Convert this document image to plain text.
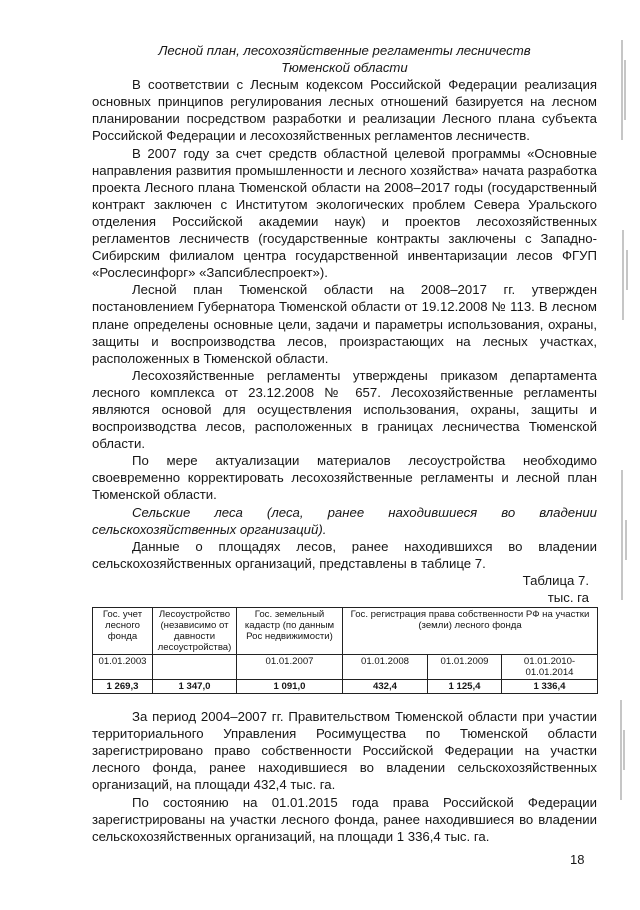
Лесной план, лесохозяйственные регламенты лесничеств

Тюменской области

В соответствии с Лесным кодексом Российской Федерации реализация основных принципов регулирования лесных отношений базируется на лесном планировании посредством разработки и реализации Лесного плана субъекта Российской Федерации и лесохозяйственных регламентов лесничеств.

В 2007 году за счет средств областной целевой программы «Основные направления развития промышленности и лесного хозяйства» начата разработка проекта Лесного плана Тюменской области на 2008–2017 годы (государственный контракт заключен с Институтом экологических проблем Севера Уральского отделения Российской академии наук) и проектов лесохозяйственных регламентов лесничеств (государственные контракты заключены с Западно-Сибирским филиалом центра государственной инвентаризации лесов ФГУП «Рослесинфорг» «Запсиблеспроект»).

Лесной план Тюменской области на 2008–2017 гг. утвержден постановлением Губернатора Тюменской области от 19.12.2008 № 113. В лесном плане определены основные цели, задачи и параметры использования, охраны, защиты и воспроизводства лесов, произрастающих на лесных участках, расположенных в Тюменской области.

Лесохозяйственные регламенты утверждены приказом департамента лесного комплекса от 23.12.2008 № 657. Лесохозяйственные регламенты являются основой для осуществления использования, охраны, защиты и воспроизводства лесов, расположенных в границах лесничества Тюменской области.

По мере актуализации материалов лесоустройства необходимо своевременно корректировать лесохозяйственные регламенты и лесной план Тюменской области.

Сельские леса (леса, ранее находившиеся во владении сельскохозяйственных организаций).

Данные о площадях лесов, ранее находившихся во владении сельскохозяйственных организаций, представлены в таблице 7.

Таблица 7.

тыс. га

Гос. учет лесного фонда	Лесоустройство (независимо от давности лесоустройства)	Гос. земельный кадастр (по данным Рос недвижимости)	Гос. регистрация права собственности РФ на участки (земли) лесного фонда		
01.01.2003		01.01.2007	01.01.2008	01.01.2009	01.01.2010-01.01.2014
1 269,3	1 347,0	1 091,0	432,4	1 125,4	1 336,4

За период 2004–2007 гг. Правительством Тюменской области при участии территориального Управления Росимущества по Тюменской области зарегистрировано право собственности Российской Федерации на участки лесного фонда, ранее находившиеся во владении сельскохозяйственных организаций, на площади 432,4 тыс. га.

По состоянию на 01.01.2015 года права Российской Федерации зарегистрированы на участки лесного фонда, ранее находившиеся во владении сельскохозяйственных организаций, на площади 1 336,4 тыс. га.

18
